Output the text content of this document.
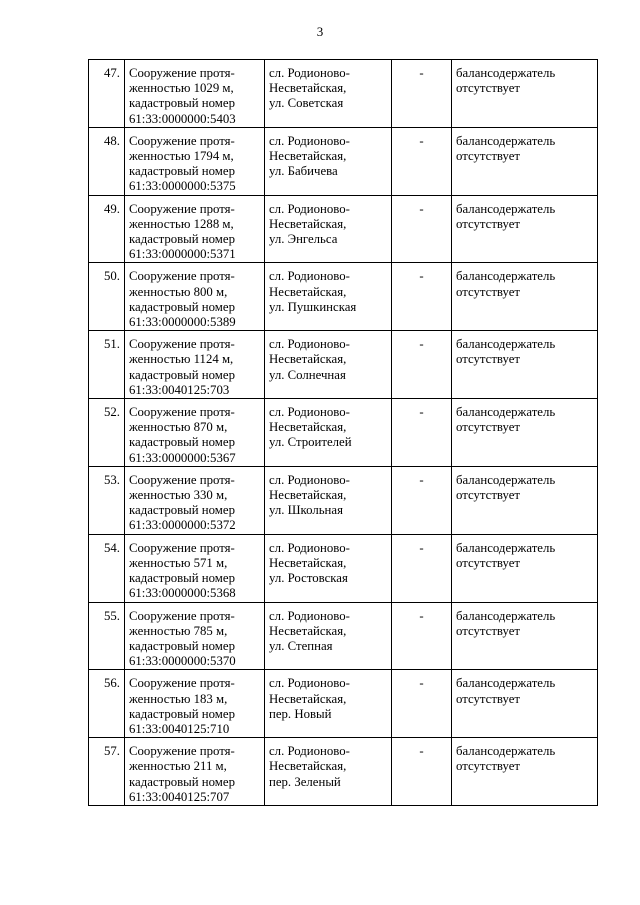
3
47.	Сооружение протя-
женностью 1029 м,
кадастровый номер
61:33:0000000:5403	сл. Родионово-
Несветайская,
ул. Советская	-	балансодержатель
отсутствует

48.	Сооружение протя-
женностью 1794 м,
кадастровый номер
61:33:0000000:5375	сл. Родионово-
Несветайская,
ул. Бабичева	-	балансодержатель
отсутствует

49.	Сооружение протя-
женностью 1288 м,
кадастровый номер
61:33:0000000:5371	сл. Родионово-
Несветайская,
ул. Энгельса	-	балансодержатель
отсутствует

50.	Сооружение протя-
женностью 800 м,
кадастровый номер
61:33:0000000:5389	сл. Родионово-
Несветайская,
ул. Пушкинская	-	балансодержатель
отсутствует

51.	Сооружение протя-
женностью 1124 м,
кадастровый номер
61:33:0040125:703	сл. Родионово-
Несветайская,
ул. Солнечная	-	балансодержатель
отсутствует

52.	Сооружение протя-
женностью 870 м,
кадастровый номер
61:33:0000000:5367	сл. Родионово-
Несветайская,
ул. Строителей	-	балансодержатель
отсутствует

53.	Сооружение протя-
женностью 330 м,
кадастровый номер
61:33:0000000:5372	сл. Родионово-
Несветайская,
ул. Школьная	-	балансодержатель
отсутствует

54.	Сооружение протя-
женностью 571 м,
кадастровый номер
61:33:0000000:5368	сл. Родионово-
Несветайская,
ул. Ростовская	-	балансодержатель
отсутствует

55.	Сооружение протя-
женностью 785 м,
кадастровый номер
61:33:0000000:5370	сл. Родионово-
Несветайская,
ул. Степная	-	балансодержатель
отсутствует

56.	Сооружение протя-
женностью 183 м,
кадастровый номер
61:33:0040125:710	сл. Родионово-
Несветайская,
пер. Новый	-	балансодержатель
отсутствует

57.	Сооружение протя-
женностью 211 м,
кадастровый номер
61:33:0040125:707	сл. Родионово-
Несветайская,
пер. Зеленый	-	балансодержатель
отсутствует
